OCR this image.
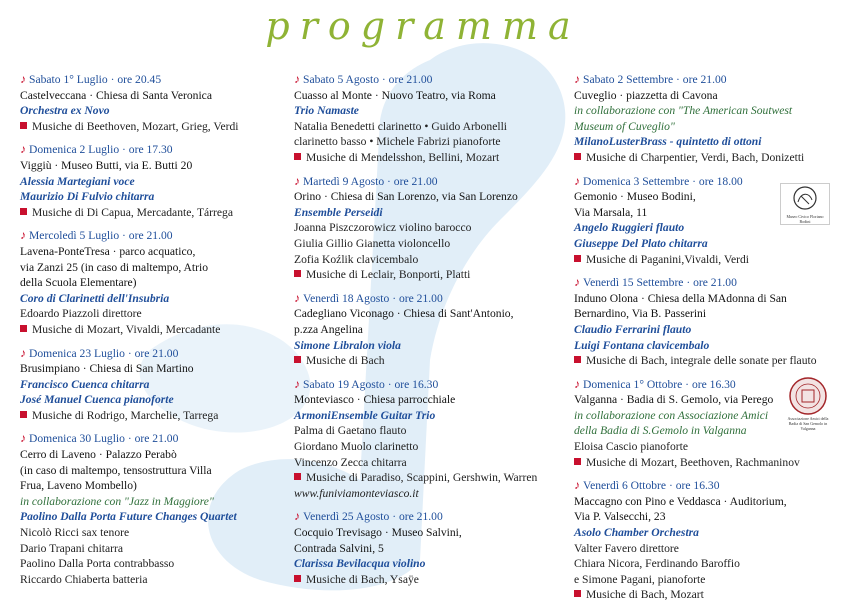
programma
♪ Sabato 1° Luglio · ore 20.45
Castelveccana · Chiesa di Santa Veronica
Orchestra ex Novo
Musiche di Beethoven, Mozart, Grieg, Verdi
♪ Domenica 2 Luglio · ore 17.30
Viggiù · Museo Butti, via E. Butti 20
Alessia Martegiani voce
Maurizio Di Fulvio chitarra
Musiche di Di Capua, Mercadante, Tárrega
♪ Mercoledì 5 Luglio · ore 21.00
Lavena-PonteTresa · parco acquatico,
via Zanzi 25 (in caso di maltempo, Atrio
della Scuola Elementare)
Coro di Clarinetti dell'Insubria
Edoardo Piazzoli direttore
Musiche di Mozart, Vivaldi, Mercadante
♪ Domenica 23 Luglio · ore 21.00
Brusimpiano · Chiesa di San Martino
Francisco Cuenca chitarra
José Manuel Cuenca pianoforte
Musiche di Rodrigo, Marchelie, Tarrega
♪ Domenica 30 Luglio · ore 21.00
Cerro di Laveno · Palazzo Perabò
(in caso di maltempo, tensostruttura Villa
Frua, Laveno Mombello)
in collaborazione con "Jazz in Maggiore"
Paolino Dalla Porta Future Changes Quartet
Nicolò Ricci sax tenore
Dario Trapani chitarra
Paolino Dalla Porta contrabbasso
Riccardo Chiaberta batteria
♪ Sabato 5 Agosto · ore 21.00
Cuasso al Monte · Nuovo Teatro, via Roma
Trio Namaste
Natalia Benedetti clarinetto • Guido Arbonelli
clarinetto basso • Michele Fabrizi pianoforte
Musiche di Mendelsshon, Bellini, Mozart
♪ Martedì 9 Agosto · ore 21.00
Orino · Chiesa di San Lorenzo, via San Lorenzo
Ensemble Perseidi
Joanna Piszczorowicz violino barocco
Giulia Gillio Gianetta violoncello
Zofia Koźlik clavicembalo
Musiche di Leclair, Bonporti, Platti
♪ Venerdì 18 Agosto · ore 21.00
Cadegliano Viconago · Chiesa di Sant'Antonio,
p.zza Angelina
Simone Libralon viola
Musiche di Bach
♪ Sabato 19 Agosto · ore 16.30
Monteviasco · Chiesa parrocchiale
ArmoniEnsemble Guitar Trio
Palma di Gaetano flauto
Giordano Muolo clarinetto
Vincenzo Zecca chitarra
Musiche di Paradiso, Scappini, Gershwin, Warren
www.funiviamonteviasco.it
♪ Venerdì 25 Agosto · ore 21.00
Cocquio Trevisago · Museo Salvini,
Contrada Salvini, 5
Clarissa Bevilacqua violino
Musiche di Bach, Ysaÿe
♪ Sabato 2 Settembre · ore 21.00
Cuveglio · piazzetta di Cavona
in collaborazione con "The American Soutwest
Museum of Cuveglio"
MilanoLusterBrass - quintetto di ottoni
Musiche di Charpentier, Verdi, Bach, Donizetti
♪ Domenica 3 Settembre · ore 18.00
Gemonio · Museo Bodini,
Via Marsala, 11
Angelo Ruggieri flauto
Giuseppe Del Plato chitarra
Musiche di Paganini,Vivaldi, Verdi
♪ Venerdì 15 Settembre · ore 21.00
Induno Olona · Chiesa della MAdonna di San
Bernardino, Via B. Passerini
Claudio Ferrarini flauto
Luigi Fontana clavicembalo
Musiche di Bach, integrale delle sonate per flauto
♪ Domenica 1° Ottobre · ore 16.30
Valganna · Badia di S. Gemolo, via Perego
in collaborazione con Associazione Amici
della Badia di S.Gemolo in Valganna
Eloisa Cascio pianoforte
Musiche di Mozart, Beethoven, Rachmaninov
♪ Venerdì 6 Ottobre · ore 16.30
Maccagno con Pino e Veddasca · Auditorium,
Via P. Valsecchi, 23
Asolo Chamber Orchestra
Valter Favero direttore
Chiara Nicora, Ferdinando Baroffio
e Simone Pagani, pianoforte
Musiche di Bach, Mozart
Museo Civico Floriano Bodini
Associazione Amici della Badia di San Gemolo in Valganna
